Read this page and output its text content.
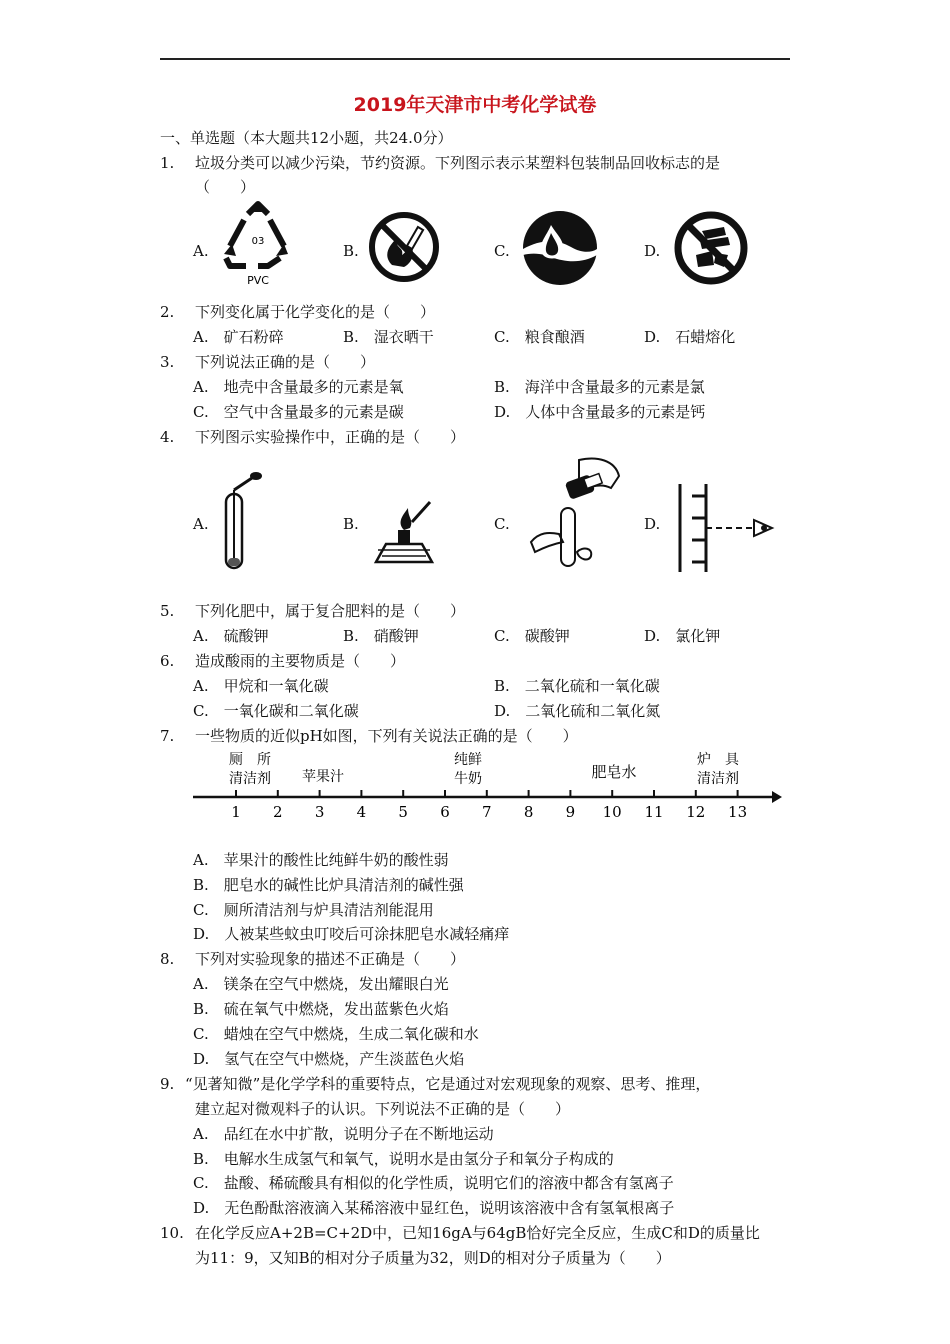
2019年天津市中考化学试卷
一、单选题（本大题共12小题，共24.0分）
1. 垃圾分类可以减少污染，节约资源。下列图示表示某塑料包装制品回收标志的是
（　　）
A.	B.	C.	D.
03
PVC
2. 下列变化属于化学变化的是（　　）
A.　矿石粉碎	B.　湿衣晒干	C.　粮食酿酒	D.　石蜡熔化
3. 下列说法正确的是（　　）
A.　地壳中含量最多的元素是氧	B.　海洋中含量最多的元素是氯
C.　空气中含量最多的元素是碳	D.　人体中含量最多的元素是钙
4. 下列图示实验操作中，正确的是（　　）
A.	B.	C.	D.
5. 下列化肥中，属于复合肥料的是（　　）
A.　硫酸钾	B.　硝酸钾	C.　碳酸钾	D.　氯化钾
6. 造成酸雨的主要物质是（　　）
A.　甲烷和一氧化碳	B.　二氧化硫和一氧化碳
C.　一氧化碳和二氧化碳	D.　二氧化硫和二氧化氮
7. 一些物质的近似pH如图，下列有关说法正确的是（　　）
1 2 3 4 5 6 7 8 9 10 11 12 13
厕　所
清洁剂 苹果汁
纯鲜
牛奶	肥皂水
炉　具
清洁剂
A.　苹果汁的酸性比纯鲜牛奶的酸性弱
B.　肥皂水的碱性比炉具清洁剂的碱性强
C.　厕所清洁剂与炉具清洁剂能混用
D.　人被某些蚊虫叮咬后可涂抹肥皂水减轻痛痒
8. 下列对实验现象的描述不正确是（　　）
A.　镁条在空气中燃烧，发出耀眼白光
B.　硫在氧气中燃烧，发出蓝紫色火焰
C.　蜡烛在空气中燃烧，生成二氧化碳和水
D.　氢气在空气中燃烧，产生淡蓝色火焰
9. “见著知微”是化学学科的重要特点，它是通过对宏观现象的观察、思考、推理，
建立起对微观料子的认识。下列说法不正确的是（　　）
A.　品红在水中扩散，说明分子在不断地运动
B.　电解水生成氢气和氧气，说明水是由氢分子和氧分子构成的
C.　盐酸、稀硫酸具有相似的化学性质，说明它们的溶液中都含有氢离子
D.　无色酚酞溶液滴入某稀溶液中显红色，说明该溶液中含有氢氧根离子
10. 在化学反应A+2B=C+2D中，已知16gA与64gB恰好完全反应，生成C和D的质量比
为11：9，又知B的相对分子质量为32，则D的相对分子质量为（　　）
